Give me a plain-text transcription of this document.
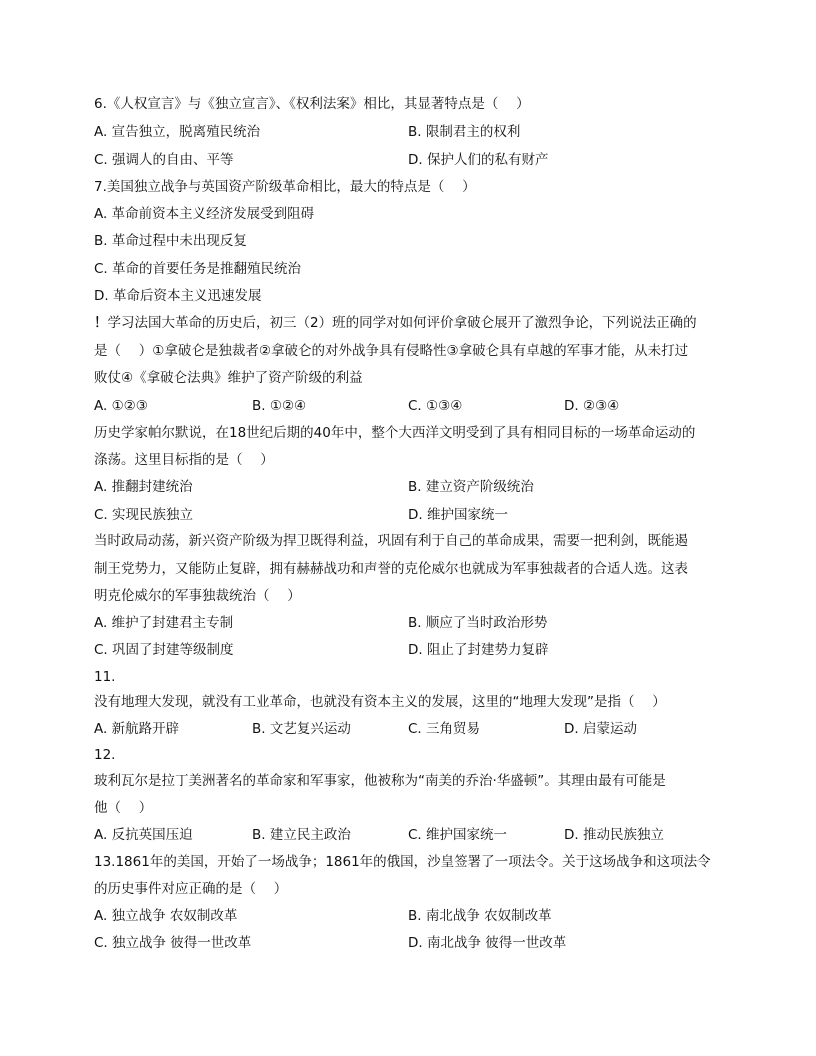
6.《人权宣言》与《独立宣言》、《权利法案》相比，其显著特点是（　 ）
A. 宣告独立，脱离殖民统治	B. 限制君主的权利
C. 强调人的自由、平等	D. 保护人们的私有财产
7.美国独立战争与英国资产阶级革命相比，最大的特点是（　 ）
A. 革命前资本主义经济发展受到阻碍
B. 革命过程中未出现反复
C. 革命的首要任务是推翻殖民统治
D. 革命后资本主义迅速发展
！学习法国大革命的历史后，初三（2）班的同学对如何评价拿破仑展开了激烈争论，下列说法正确的
是（　 ）①拿破仑是独裁者②拿破仑的对外战争具有侵略性③拿破仑具有卓越的军事才能，从未打过
败仗④《拿破仑法典》维护了资产阶级的利益
A. ①②③	B. ①②④	C. ①③④	D. ②③④
历史学家帕尔默说，在18世纪后期的40年中，整个大西洋文明受到了具有相同目标的一场革命运动的
涤荡。这里目标指的是（　 ）
A. 推翻封建统治	B. 建立资产阶级统治
C. 实现民族独立	D. 维护国家统一
当时政局动荡，新兴资产阶级为捍卫既得利益，巩固有利于自己的革命成果，需要一把利剑，既能遏
制王党势力，又能防止复辟，拥有赫赫战功和声誉的克伦威尔也就成为军事独裁者的合适人选。这表
明克伦威尔的军事独裁统治（　 ）
A. 维护了封建君主专制	B. 顺应了当时政治形势
C. 巩固了封建等级制度	D. 阻止了封建势力复辟
11.
没有地理大发现，就没有工业革命，也就没有资本主义的发展，这里的“地理大发现”是指（　 ）
A. 新航路开辟	B. 文艺复兴运动	C. 三角贸易	D. 启蒙运动
12.
玻利瓦尔是拉丁美洲著名的革命家和军事家，他被称为“南美的乔治·华盛顿”。其理由最有可能是
他（　 ）
A. 反抗英国压迫	B. 建立民主政治	C. 维护国家统一	D. 推动民族独立
13.1861年的美国，开始了一场战争；1861年的俄国，沙皇签署了一项法令。关于这场战争和这项法令
的历史事件对应正确的是（　 ）
A. 独立战争 农奴制改革	B. 南北战争 农奴制改革
C. 独立战争 彼得一世改革	D. 南北战争 彼得一世改革
